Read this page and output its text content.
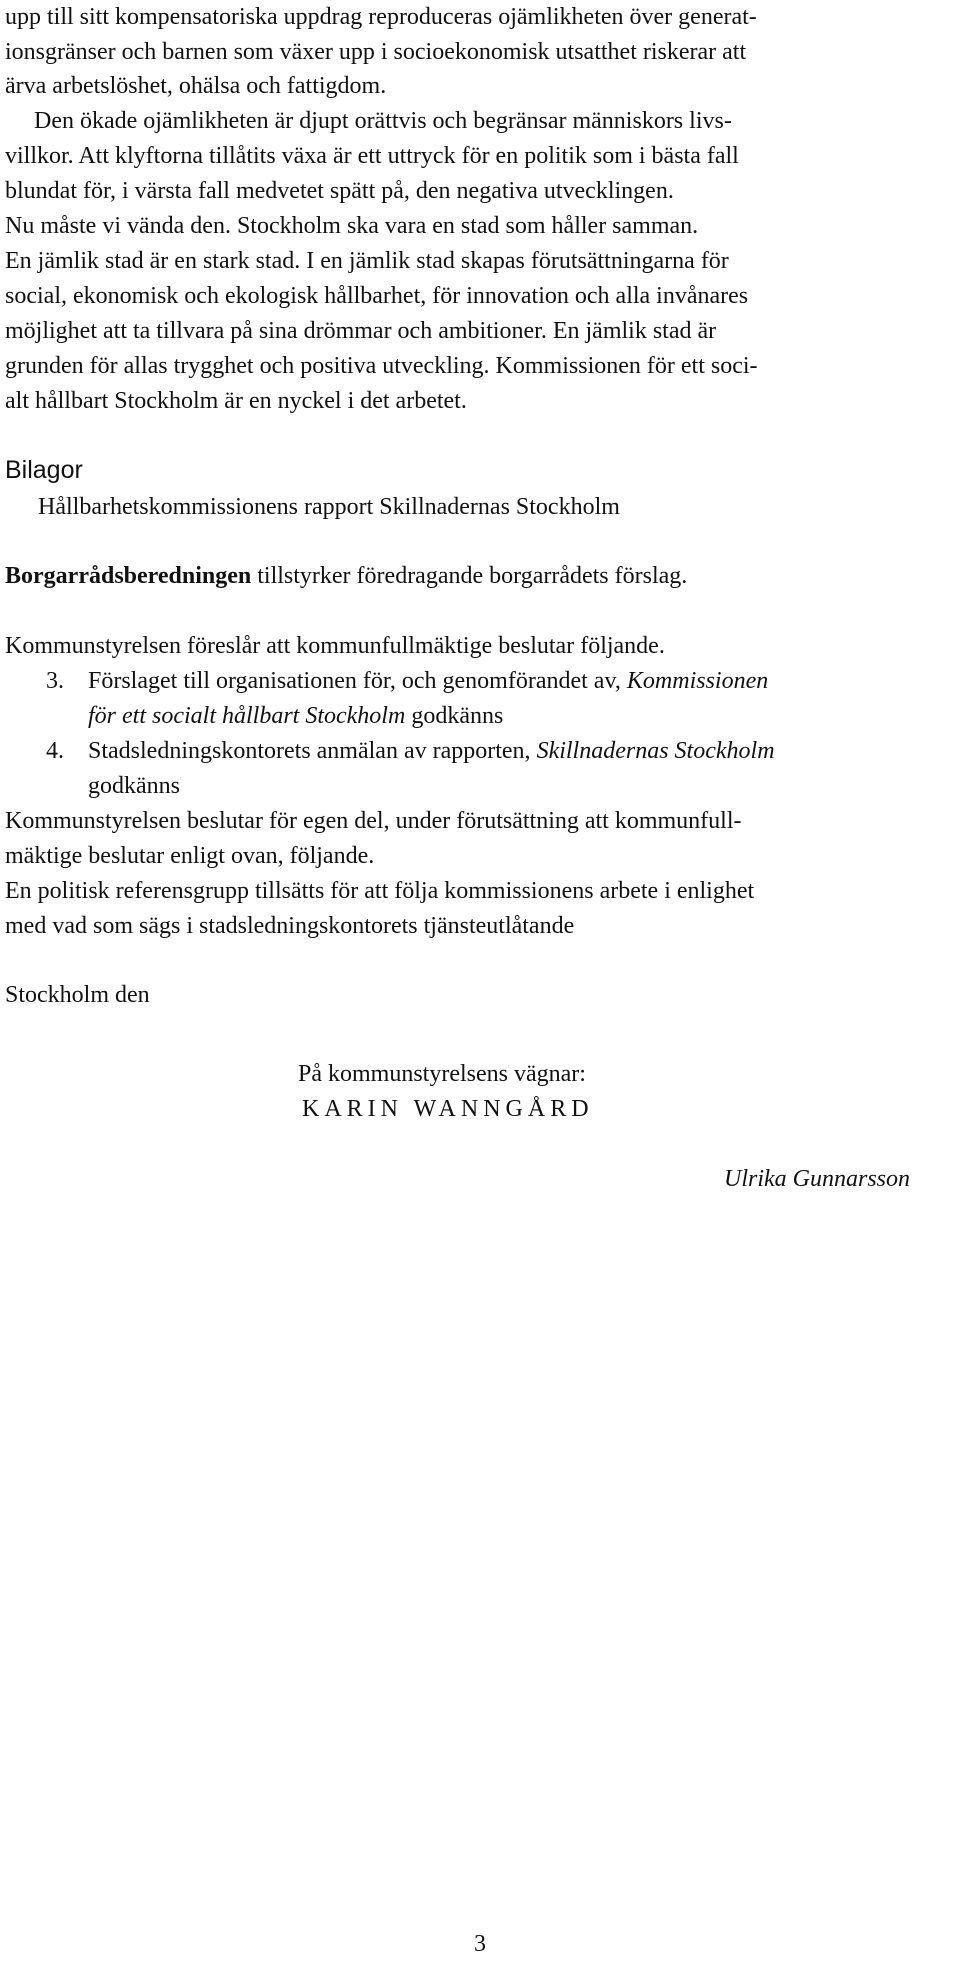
upp till sitt kompensatoriska uppdrag reproduceras ojämlikheten över generat-

ionsgränser och barnen som växer upp i socioekonomisk utsatthet riskerar att

ärva arbetslöshet, ohälsa och fattigdom.

Den ökade ojämlikheten är djupt orättvis och begränsar människors livs-

villkor. Att klyftorna tillåtits växa är ett uttryck för en politik som i bästa fall

blundat för, i värsta fall medvetet spätt på, den negativa utvecklingen.

Nu måste vi vända den. Stockholm ska vara en stad som håller samman.

En jämlik stad är en stark stad. I en jämlik stad skapas förutsättningarna för

social, ekonomisk och ekologisk hållbarhet, för innovation och alla invånares

möjlighet att ta tillvara på sina drömmar och ambitioner. En jämlik stad är

grunden för allas trygghet och positiva utveckling. Kommissionen för ett soci-

alt hållbart Stockholm är en nyckel i det arbetet.

Bilagor

Hållbarhetskommissionens rapport Skillnadernas Stockholm

Borgarrådsberedningen tillstyrker föredragande borgarrådets förslag.

Kommunstyrelsen föreslår att kommunfullmäktige beslutar följande.

3.	Förslaget till organisationen för, och genomförandet av, Kommissionen
för ett socialt hållbart Stockholm godkänns
4.	Stadsledningskontorets anmälan av rapporten, Skillnadernas Stockholm
godkänns

Kommunstyrelsen beslutar för egen del, under förutsättning att kommunfull-

mäktige beslutar enligt ovan, följande.

En politisk referensgrupp tillsätts för att följa kommissionens arbete i enlighet

med vad som sägs i stadsledningskontorets tjänsteutlåtande

Stockholm den

På kommunstyrelsens vägnar:

KARIN WANNGÅRD

Ulrika Gunnarsson

3
